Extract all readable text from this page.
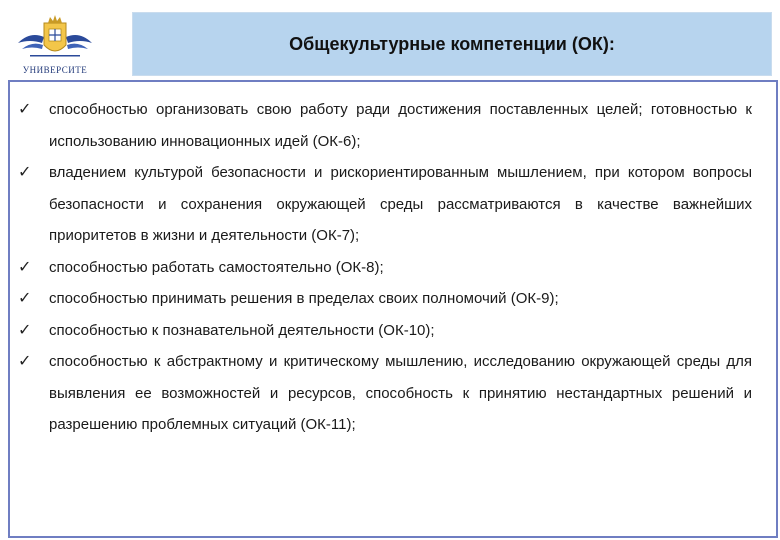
УНИВЕРСИТЕ
Общекультурные компетенции (ОК):
✓ способностью организовать свою работу ради достижения поставленных целей; готовностью к использованию инновационных идей (ОК-6);
✓ владением культурой безопасности и рискориентированным мышлением, при котором вопросы безопасности и сохранения окружающей среды рассматриваются в качестве важнейших приоритетов в жизни и деятельности (ОК-7);
✓ способностью работать самостоятельно (ОК-8);
✓ способностью принимать решения в пределах своих полномочий (ОК-9);
✓ способностью к познавательной деятельности (ОК-10);
✓ способностью к абстрактному и критическому мышлению, исследованию окружающей среды для выявления ее возможностей и ресурсов, способность к принятию нестандартных решений и разрешению проблемных ситуаций (ОК-11);
